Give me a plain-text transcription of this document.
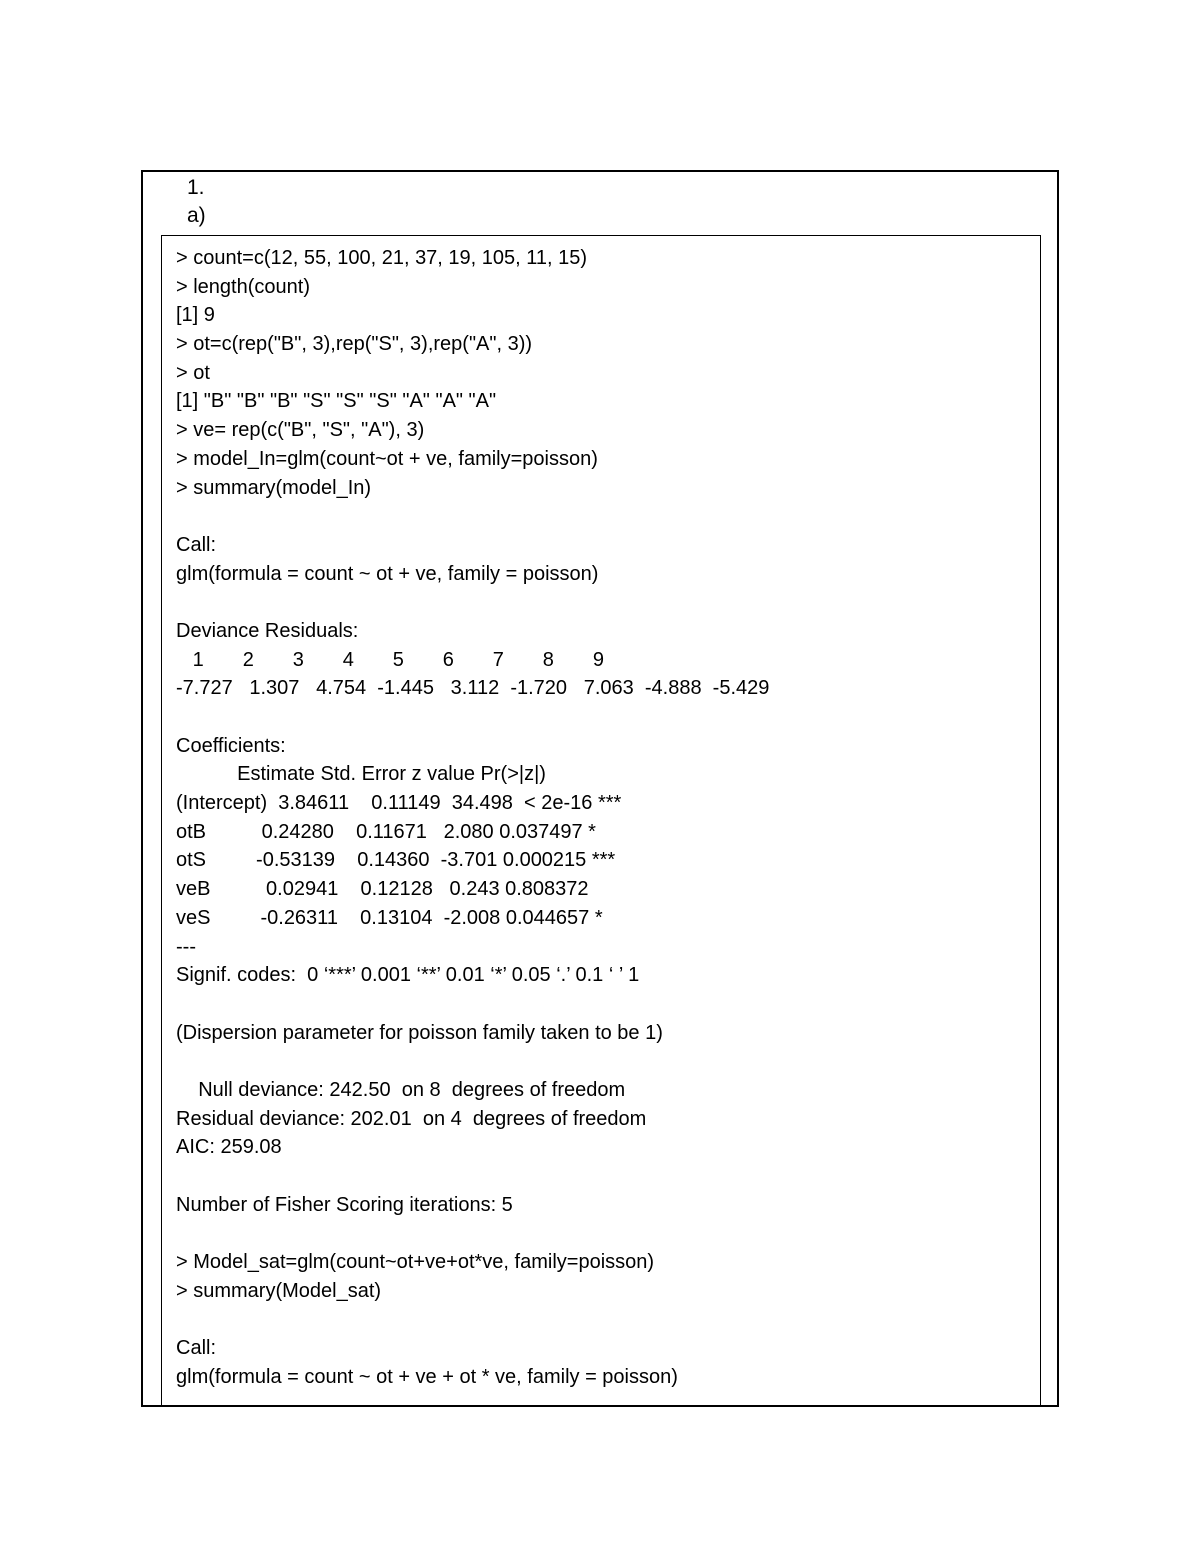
1.
a)
> count=c(12, 55, 100, 21, 37, 19, 105, 11, 15)
> length(count)
[1] 9
> ot=c(rep("B", 3),rep("S", 3),rep("A", 3))
> ot
[1] "B" "B" "B" "S" "S" "S" "A" "A" "A"
> ve= rep(c("B", "S", "A"), 3)
> model_In=glm(count~ot + ve, family=poisson)
> summary(model_In)
Call:
glm(formula = count ~ ot + ve, family = poisson)
Deviance Residuals:
1       2       3       4       5       6       7       8       9
-7.727   1.307   4.754  -1.445   3.112  -1.720   7.063  -4.888  -5.429
Coefficients:
Estimate Std. Error z value Pr(>|z|)
(Intercept)  3.84611    0.11149  34.498  < 2e-16 ***
otB          0.24280    0.11671   2.080 0.037497 *
otS         -0.53139    0.14360  -3.701 0.000215 ***
veB          0.02941    0.12128   0.243 0.808372
veS         -0.26311    0.13104  -2.008 0.044657 *
---
Signif. codes:  0 ‘***’ 0.001 ‘**’ 0.01 ‘*’ 0.05 ‘.’ 0.1 ‘ ’ 1
(Dispersion parameter for poisson family taken to be 1)
Null deviance: 242.50  on 8  degrees of freedom
Residual deviance: 202.01  on 4  degrees of freedom
AIC: 259.08
Number of Fisher Scoring iterations: 5
> Model_sat=glm(count~ot+ve+ot*ve, family=poisson)
> summary(Model_sat)
Call:
glm(formula = count ~ ot + ve + ot * ve, family = poisson)
